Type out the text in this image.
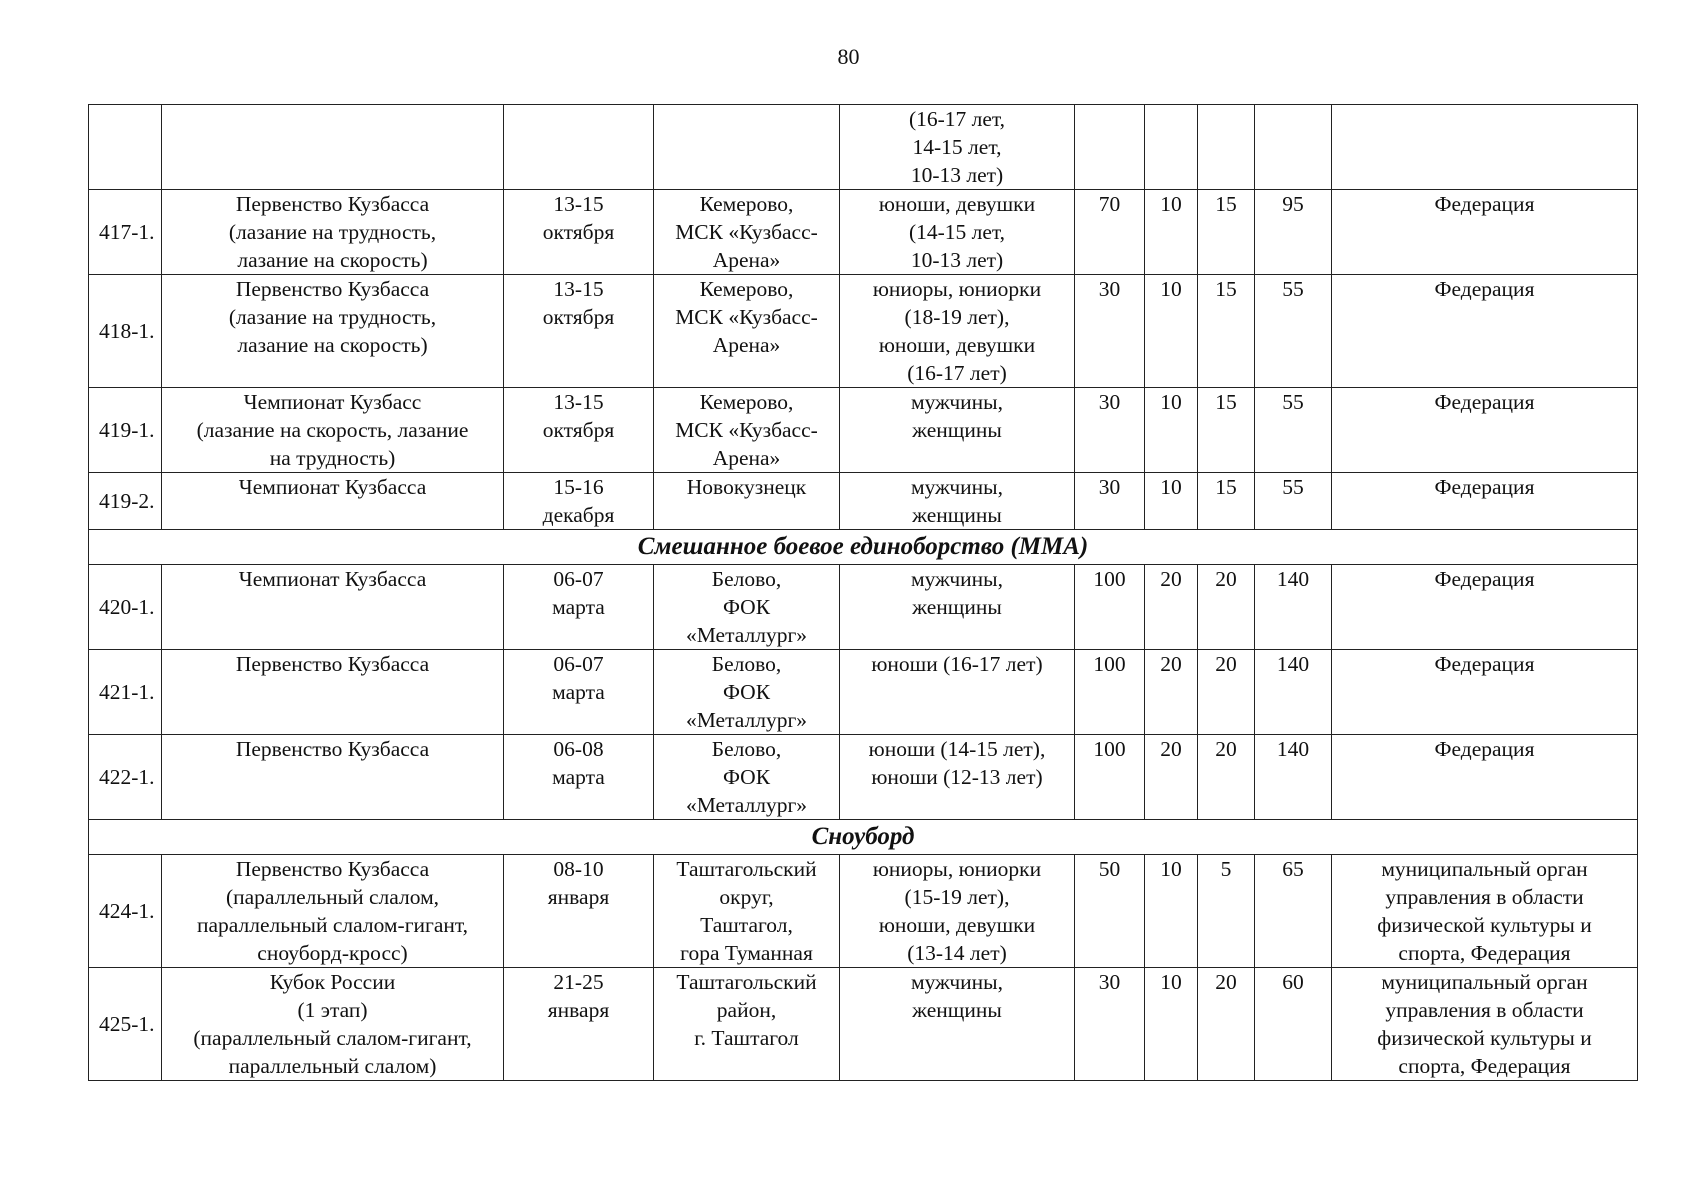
80

				(16-17 лет,
14-15 лет,
10-13 лет)					

417-1.	Первенство Кузбасса
(лазание на трудность,
лазание на скорость)	13-15
октября	Кемерово,
МСК «Кузбасс-
Арена»	юноши, девушки
(14-15 лет,
10-13 лет)	70	10	15	95	Федерация

418-1.	Первенство Кузбасса
(лазание на трудность,
лазание на скорость)	13-15
октября	Кемерово,
МСК «Кузбасс-
Арена»	юниоры, юниорки
(18-19 лет),
юноши, девушки
(16-17 лет)	30	10	15	55	Федерация

419-1.	Чемпионат Кузбасс
(лазание на скорость, лазание
на трудность)	13-15
октября	Кемерово,
МСК «Кузбасс-
Арена»	мужчины,
женщины	30	10	15	55	Федерация

419-2.	Чемпионат Кузбасса	15-16
декабря	Новокузнецк	мужчины,
женщины	30	10	15	55	Федерация

Смешанное боевое единоборство (ММА)									
420-1.	Чемпионат Кузбасса	06-07
марта	Белово,
ФОК
«Металлург»	мужчины,
женщины	100	20	20	140	Федерация

421-1.	Первенство Кузбасса	06-07
марта	Белово,
ФОК
«Металлург»	юноши (16-17 лет)	100	20	20	140	Федерация

422-1.	Первенство Кузбасса	06-08
марта	Белово,
ФОК
«Металлург»	юноши (14-15 лет),
юноши (12-13 лет)	100	20	20	140	Федерация

Сноуборд									
424-1.	Первенство Кузбасса
(параллельный слалом,
параллельный слалом-гигант,
сноуборд-кросс)	08-10
января	Таштагольский
округ,
Таштагол,
гора Туманная	юниоры, юниорки
(15-19 лет),
юноши, девушки
(13-14 лет)	50	10	5	65	муниципальный орган
управления в области
физической культуры и
спорта, Федерация

425-1.	Кубок России
(1 этап)
(параллельный слалом-гигант,
параллельный слалом)	21-25
января	Таштагольский
район,
г. Таштагол	мужчины,
женщины	30	10	20	60	муниципальный орган
управления в области
физической культуры и
спорта, Федерация
